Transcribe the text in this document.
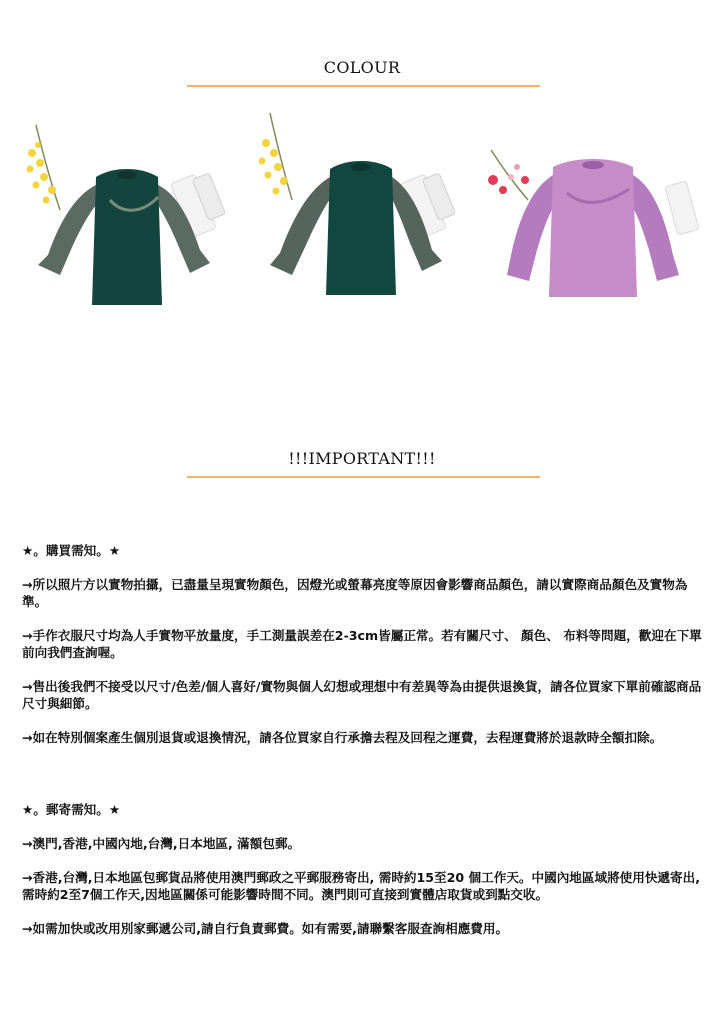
COLOUR
!!!IMPORTANT!!!

★。購買需知。★

→所以照片方以實物拍攝，已盡量呈現實物顏色，因燈光或螢幕亮度等原因會影響商品顏色，請以實際商品顏色及實物為準。

→手作衣服尺寸均為人手實物平放量度，手工測量誤差在2-3cm皆屬正常。若有關尺寸、 顏色、 布料等問題，歡迎在下單前向我們查詢喔。

→售出後我們不接受以尺寸/色差/個人喜好/實物與個人幻想或理想中有差異等為由提供退換貨，請各位買家下單前確認商品尺寸與細節。

→如在特別個案產生個別退貨或退換情況，請各位買家自行承擔去程及回程之運費，去程運費將於退款時全額扣除。

★。郵寄需知。★

→澳門,香港,中國內地,台灣,日本地區, 滿額包郵。

→香港,台灣,日本地區包郵貨品將使用澳門郵政之平郵服務寄出, 需時約15至20 個工作天。中國內地區域將使用快遞寄出,需時約2至7個工作天,因地區關係可能影響時間不同。澳門則可直接到實體店取貨或到點交收。

→如需加快或改用別家郵遞公司,請自行負責郵費。如有需要,請聯繫客服查詢相應費用。
